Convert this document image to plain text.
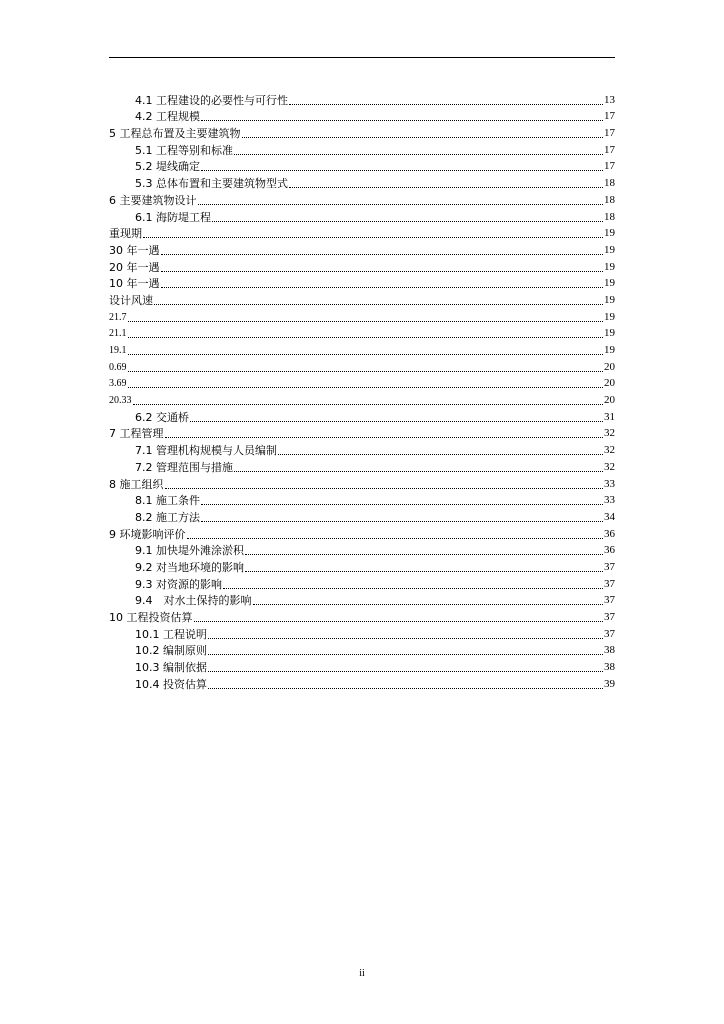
4.1 工程建设的必要性与可行性	13
4.2 工程规模	17
5 工程总布置及主要建筑物	17
5.1 工程等别和标准	17
5.2 堤线确定	17
5.3 总体布置和主要建筑物型式	18
6 主要建筑物设计	18
6.1 海防堤工程	18
重现期	19
30 年一遇	19
20 年一遇	19
10 年一遇	19
设计风速	19
21.7	19
21.1	19
19.1	19
0.69	20
3.69	20
20.33	20
6.2 交通桥	31
7 工程管理	32
7.1 管理机构规模与人员编制	32
7.2 管理范围与措施	32
8 施工组织	33
8.1 施工条件	33
8.2 施工方法	34
9 环境影响评价	36
9.1 加快堤外滩涂淤积	36
9.2 对当地环境的影响	37
9.3 对资源的影响	37
9.4　对水土保持的影响	37
10 工程投资估算	37
10.1 工程说明	37
10.2 编制原则	38
10.3 编制依据	38
10.4 投资估算	39
ii
